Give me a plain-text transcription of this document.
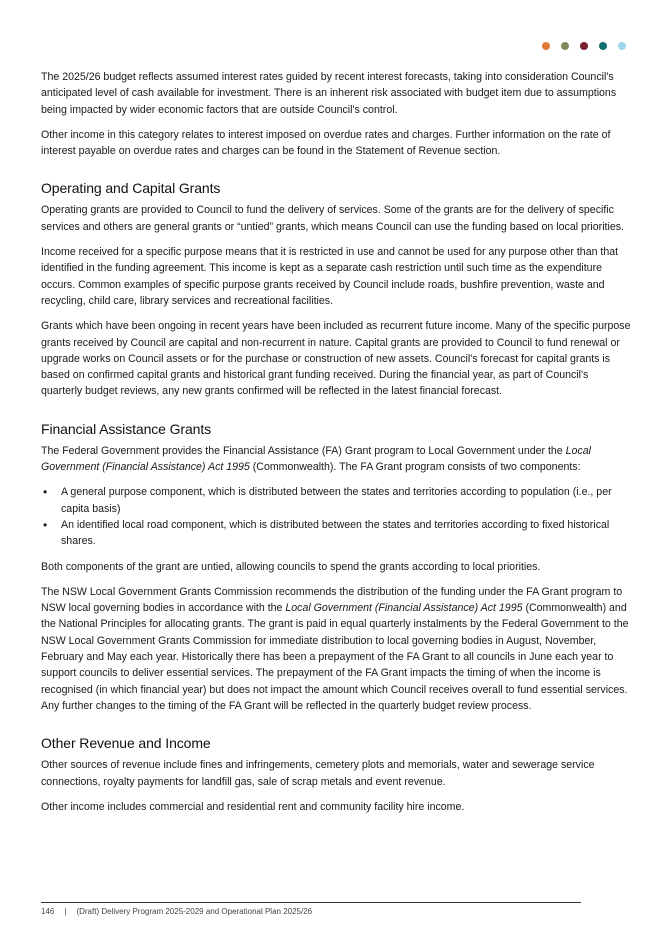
The 2025/26 budget reflects assumed interest rates guided by recent interest forecasts, taking into consideration Council's anticipated level of cash available for investment. There is an inherent risk associated with budget item due to assumptions being impacted by wider economic factors that are outside Council's control.

Other income in this category relates to interest imposed on overdue rates and charges. Further information on the rate of interest payable on overdue rates and charges can be found in the Statement of Revenue section.

Operating and Capital Grants

Operating grants are provided to Council to fund the delivery of services. Some of the grants are for the delivery of specific services and others are general grants or “untied” grants, which means Council can use the funding based on local priorities.

Income received for a specific purpose means that it is restricted in use and cannot be used for any purpose other than that identified in the funding agreement. This income is kept as a separate cash restriction until such time as the expenditure occurs. Common examples of specific purpose grants received by Council include roads, bushfire prevention, waste and recycling, child care, library services and recreational facilities.

Grants which have been ongoing in recent years have been included as recurrent future income. Many of the specific purpose grants received by Council are capital and non-recurrent in nature. Capital grants are provided to Council to fund renewal or upgrade works on Council assets or for the purchase or construction of new assets. Council's forecast for capital grants is based on confirmed capital grants and historical grant funding received. During the financial year, as part of Council's quarterly budget reviews, any new grants confirmed will be reflected in the latest financial forecast.

Financial Assistance Grants

The Federal Government provides the Financial Assistance (FA) Grant program to Local Government under the Local Government (Financial Assistance) Act 1995 (Commonwealth). The FA Grant program consists of two components:

• A general purpose component, which is distributed between the states and territories according to population (i.e., per capita basis)
• An identified local road component, which is distributed between the states and territories according to fixed historical shares.

Both components of the grant are untied, allowing councils to spend the grants according to local priorities.

The NSW Local Government Grants Commission recommends the distribution of the funding under the FA Grant program to NSW local governing bodies in accordance with the Local Government (Financial Assistance) Act 1995 (Commonwealth) and the National Principles for allocating grants. The grant is paid in equal quarterly instalments by the Federal Government to the NSW Local Government Grants Commission for immediate distribution to local governing bodies in August, November, February and May each year. Historically there has been a prepayment of the FA Grant to all councils in June each year to support councils to deliver essential services. The prepayment of the FA Grant impacts the timing of when the income is recognised (in which financial year) but does not impact the amount which Council receives overall to fund essential services. Any further changes to the timing of the FA Grant will be reflected in the quarterly budget review process.

Other Revenue and Income

Other sources of revenue include fines and infringements, cemetery plots and memorials, water and sewerage service connections, royalty payments for landfill gas, sale of scrap metals and event revenue.

Other income includes commercial and residential rent and community facility hire income.

146 | (Draft) Delivery Program 2025-2029 and Operational Plan 2025/26
